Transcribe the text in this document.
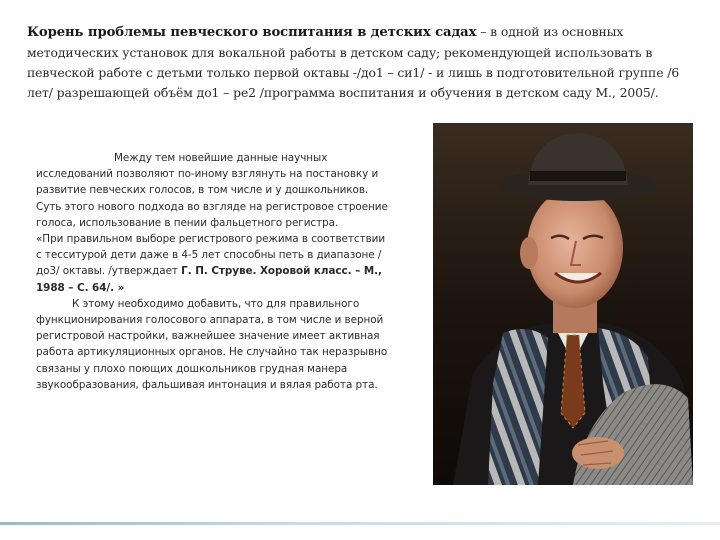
Корень проблемы певческого воспитания в детских садах – в одной из основных методических установок для вокальной работы в детском саду; рекомендующей использовать в певческой работе с детьми только первой октавы -/до1 – си1/ - и лишь в подготовительной группе /6 лет/ разрешающей объём до1 – ре2 /программа воспитания и обучения в детском саду М., 2005/.

Между тем новейшие данные научных исследований позволяют по-иному взглянуть на постановку и развитие певческих голосов, в том числе и у дошкольников. Суть этого нового подхода во взгляде на регистровое строение голоса, использование в пении фальцетного регистра.

«При правильном выборе регистрового режима в соответствии с тесситурой дети даже в 4-5 лет способны петь в диапазоне /до3/ октавы. /утверждает Г. П. Струве. Хоровой класс. – М., 1988 – С. 64/. »

К этому необходимо добавить, что для правильного функционирования голосового аппарата, в том числе и верной регистровой настройки, важнейшее значение имеет активная работа артикуляционных органов. Не случайно так неразрывно связаны у плохо поющих дошкольников грудная манера звукообразования, фальшивая интонация и вялая работа рта.
